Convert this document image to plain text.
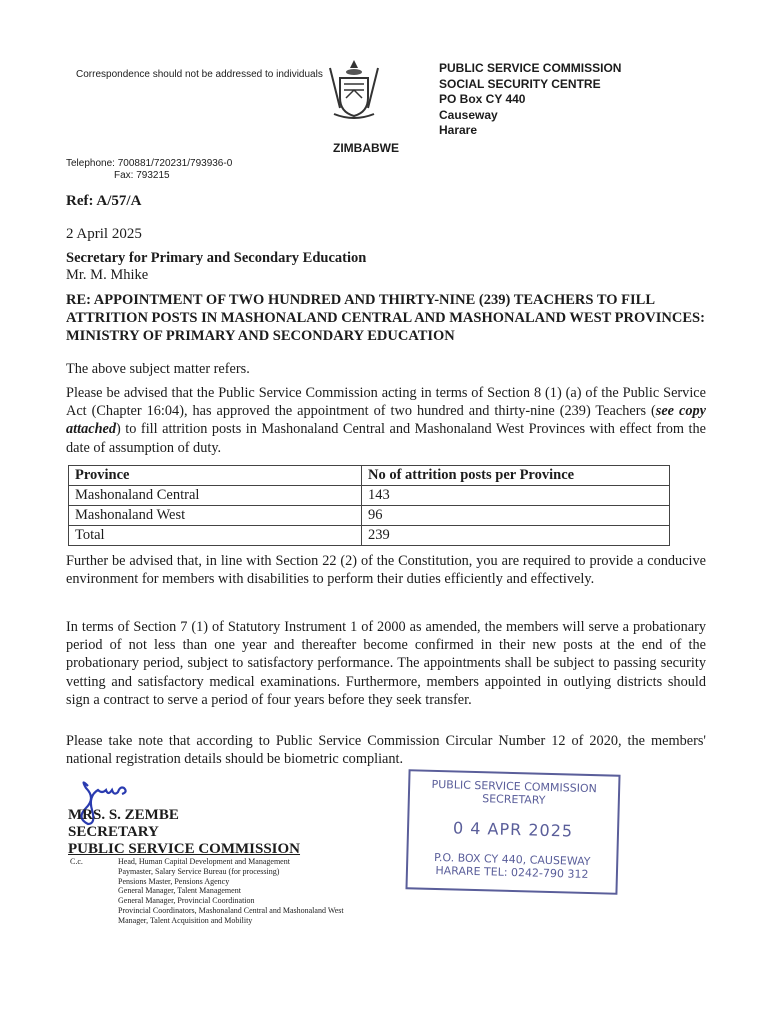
Correspondence should not be addressed to individuals	PUBLIC SERVICE COMMISSION
SOCIAL SECURITY CENTRE
PO Box CY 440
Causeway
Harare
ZIMBABWE
Telephone: 700881/720231/793936-0
Fax: 793215
Ref: A/57/A
2 April 2025
Secretary for Primary and Secondary Education
Mr. M. Mhike
RE: APPOINTMENT OF TWO HUNDRED AND THIRTY-NINE (239) TEACHERS TO FILL ATTRITION POSTS IN MASHONALAND CENTRAL AND MASHONALAND WEST PROVINCES: MINISTRY OF PRIMARY AND SECONDARY EDUCATION
The above subject matter refers.
Please be advised that the Public Service Commission acting in terms of Section 8 (1) (a) of the Public Service Act (Chapter 16:04), has approved the appointment of two hundred and thirty-nine (239) Teachers (see copy attached) to fill attrition posts in Mashonaland Central and Mashonaland West Provinces with effect from the date of assumption of duty.
Province	No of attrition posts per Province
Mashonaland Central	143
Mashonaland West	96
Total	239
Further be advised that, in line with Section 22 (2) of the Constitution, you are required to provide a conducive environment for members with disabilities to perform their duties efficiently and effectively.
In terms of Section 7 (1) of Statutory Instrument 1 of 2000 as amended, the members will serve a probationary period of not less than one year and thereafter become confirmed in their new posts at the end of the probationary period, subject to satisfactory performance. The appointments shall be subject to passing security vetting and satisfactory medical examinations. Furthermore, members appointed in outlying districts should sign a contract to serve a period of four years before they seek transfer.
Please take note that according to Public Service Commission Circular Number 12 of 2020, the members' national registration details should be biometric compliant.
MRS. S. ZEMBE
SECRETARY
PUBLIC SERVICE COMMISSION
C.c.	Head, Human Capital Development and Management
Paymaster, Salary Service Bureau (for processing)
Pensions Master, Pensions Agency
General Manager, Talent Management
General Manager, Provincial Coordination
Provincial Coordinators, Mashonaland Central and Mashonaland West
Manager, Talent Acquisition and Mobility
PUBLIC SERVICE COMMISSION
SECRETARY
0 4 APR 2025
P.O. BOX CY 440, CAUSEWAY
HARARE TEL: 0242-790 312
